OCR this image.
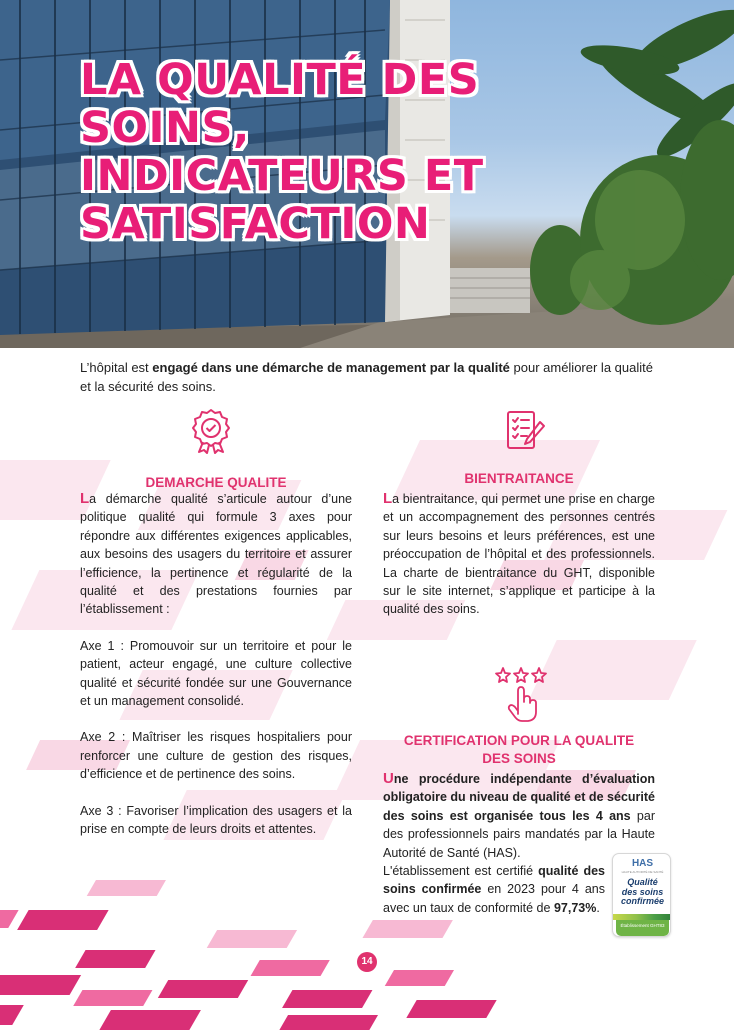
LA QUALITÉ DES SOINS,
INDICATEURS ET
SATISFACTION

L’hôpital est engagé dans une démarche de management par la qualité pour améliorer la qualité et la sécurité des soins.

DEMARCHE QUALITE

La démarche qualité s’articule autour d’une politique qualité qui formule 3 axes pour répondre aux différentes exigences applicables, aux besoins des usagers du territoire et assurer l’efficience, la pertinence et régularité de la qualité et des prestations fournies par l’établissement :

Axe 1 : Promouvoir sur un territoire et pour le patient, acteur engagé, une culture collective qualité et sécurité fondée sur une Gouvernance et un management consolidé.

Axe 2 : Maîtriser les risques hospitaliers pour renforcer une culture de gestion des risques, d’efficience et de pertinence des soins.

Axe 3 : Favoriser l’implication des usagers et la prise en compte de leurs droits et attentes.

BIENTRAITANCE

La bientraitance, qui permet une prise en charge et un accompagnement des personnes centrés sur leurs besoins et leurs préférences, est une préoccupation de l’hôpital et des professionnels. La charte de bientraitance du GHT, disponible sur le site internet, s’applique et participe à la qualité des soins.

CERTIFICATION POUR LA QUALITE
DES SOINS

Une procédure indépendante d’évaluation obligatoire du niveau de qualité et de sécurité des soins est organisée tous les 4 ans par des professionnels pairs mandatés par la Haute Autorité de Santé (HAS).

L'établissement est certifié qualité des soins confirmée en 2023 pour 4 ans avec un taux de conformité de 97,73%.

HAS
HAUTE AUTORITÉ DE SANTÉ
Qualité
des soins
confirmée
Établissement GHT83
14
